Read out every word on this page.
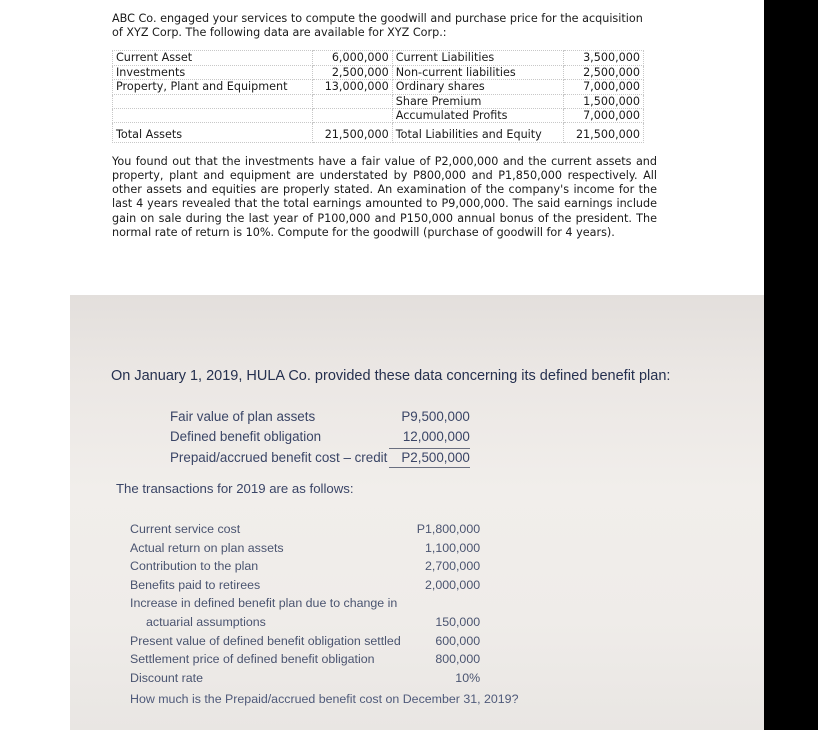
ABC Co. engaged your services to compute the goodwill and purchase price for the acquisition of XYZ Corp. The following data are available for XYZ Corp.:

Current Asset	6,000,000	Current Liabilities	3,500,000
Investments	2,500,000	Non-current liabilities	2,500,000
Property, Plant and Equipment	13,000,000	Ordinary shares	7,000,000
		Share Premium	1,500,000
		Accumulated Profits	7,000,000
Total Assets	21,500,000	Total Liabilities and Equity	21,500,000

You found out that the investments have a fair value of P2,000,000 and the current assets and property, plant and equipment are understated by P800,000 and P1,850,000 respectively. All other assets and equities are properly stated. An examination of the company's income for the last 4 years revealed that the total earnings amounted to P9,000,000. The said earnings include gain on sale during the last year of P100,000 and P150,000 annual bonus of the president. The normal rate of return is 10%. Compute for the goodwill (purchase of goodwill for 4 years).

On January 1, 2019, HULA Co. provided these data concerning its defined benefit plan:
Fair value of plan assets	P9,500,000
Defined benefit obligation	12,000,000
Prepaid/accrued benefit cost – credit	P2,500,000
The transactions for 2019 are as follows:
Current service cost	P1,800,000
Actual return on plan assets	1,100,000
Contribution to the plan	2,700,000
Benefits paid to retirees	2,000,000
Increase in defined benefit plan due to change in	
actuarial assumptions	150,000
Present value of defined benefit obligation settled	600,000
Settlement price of defined benefit obligation	800,000
Discount rate	10%
How much is the Prepaid/accrued benefit cost on December 31, 2019?
